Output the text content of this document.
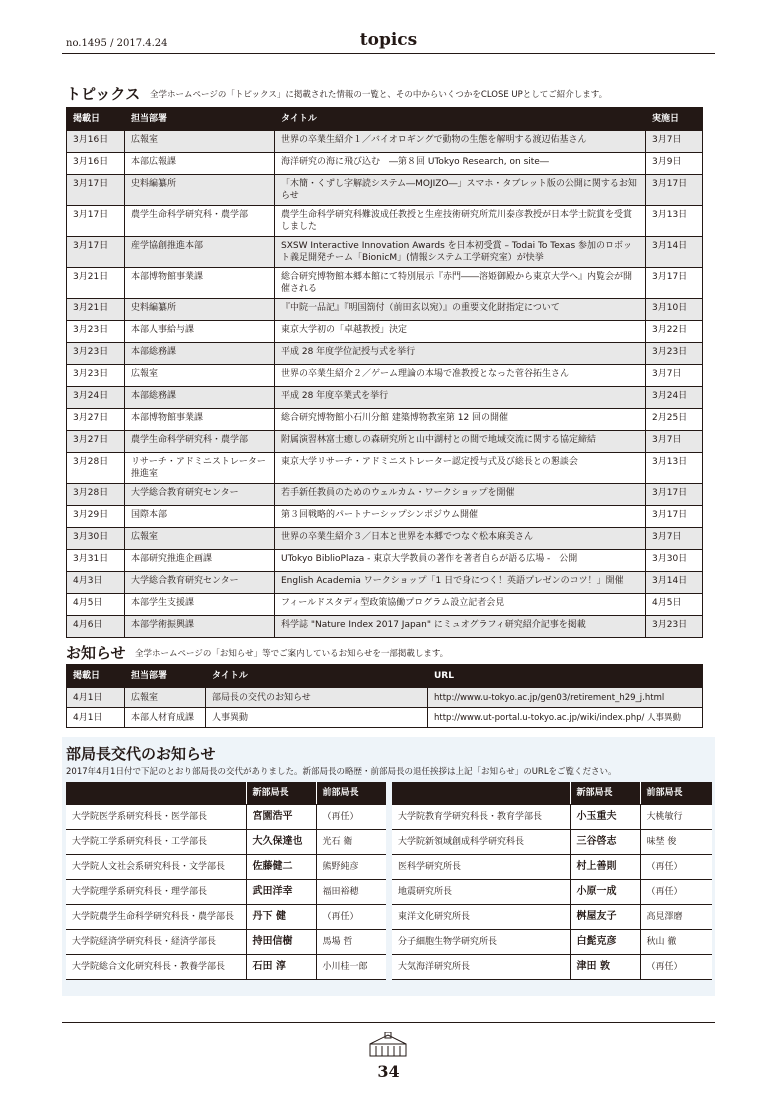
no.1495 / 2017.4.24	topics
トピックス 全学ホームページの「トピックス」に掲載された情報の一覧と、その中からいくつかをCLOSE UPとしてご紹介します。
掲載日	担当部署	タイトル	実施日
3月16日	広報室	世界の卒業生紹介１／バイオロギングで動物の生態を解明する渡辺佑基さん	3月7日
3月16日	本部広報課	海洋研究の海に飛び込む　―第８回 UTokyo Research, on site―	3月9日
3月17日	史料編纂所	「木簡・くずし字解読システム―MOJIZO―」スマホ・タブレット版の公開に関するお知らせ	3月17日
3月17日	農学生命科学研究科・農学部	農学生命科学研究科難波成任教授と生産技術研究所荒川泰彦教授が日本学士院賞を受賞しました	3月13日
3月17日	産学協創推進本部	SXSW Interactive Innovation Awards を日本初受賞 – Todai To Texas 参加のロボット義足開発チーム「BionicM」(情報システム工学研究室）が快挙	3月14日
3月21日	本部博物館事業課	総合研究博物館本郷本館にて特別展示『赤門――溶姫御殿から東京大学へ』内覧会が開催される	3月17日
3月21日	史料編纂所	『中院一品記』『明国箚付（前田玄以宛）』の重要文化財指定について	3月10日
3月23日	本部人事給与課	東京大学初の「卓越教授」決定	3月22日
3月23日	本部総務課	平成 28 年度学位記授与式を挙行	3月23日
3月23日	広報室	世界の卒業生紹介２／ゲーム理論の本場で准教授となった菅谷拓生さん	3月7日
3月24日	本部総務課	平成 28 年度卒業式を挙行	3月24日
3月27日	本部博物館事業課	総合研究博物館小石川分館 建築博物教室第 12 回の開催	2月25日
3月27日	農学生命科学研究科・農学部	附属演習林富士癒しの森研究所と山中湖村との間で地域交流に関する協定締結	3月7日
3月28日	リサーチ・アドミニストレーター推進室	東京大学リサーチ・アドミニストレーター認定授与式及び総長との懇談会	3月13日
3月28日	大学総合教育研究センター	若手新任教員のためのウェルカム・ワークショップを開催	3月17日
3月29日	国際本部	第３回戦略的パートナーシップシンポジウム開催	3月17日
3月30日	広報室	世界の卒業生紹介３／日本と世界を本郷でつなぐ松本麻美さん	3月7日
3月31日	本部研究推進企画課	UTokyo BiblioPlaza - 東京大学教員の著作を著者自らが語る広場 -　公開	3月30日
4月3日	大学総合教育研究センター	English Academia ワークショップ「1 日で身につく！英語プレゼンのコツ！」開催	3月14日
4月5日	本部学生支援課	フィールドスタディ型政策協働プログラム設立記者会見	4月5日
4月6日	本部学術振興課	科学誌 "Nature Index 2017 Japan" にミュオグラフィ研究紹介記事を掲載	3月23日
お知らせ 全学ホームページの「お知らせ」等でご案内しているお知らせを一部掲載します。
掲載日	担当部署	タイトル	URL
4月1日	広報室	部局長の交代のお知らせ	http://www.u-tokyo.ac.jp/gen03/retirement_h29_j.html
4月1日	本部人材育成課	人事異動	http://www.ut-portal.u-tokyo.ac.jp/wiki/index.php/ 人事異動
部局長交代のお知らせ
2017年4月1日付で下記のとおり部局長の交代がありました。新部局長の略歴・前部局長の退任挨拶は上記「お知らせ」のURLをご覧ください。
	新部局長	前部局長
大学院医学系研究科長・医学部長	宮園浩平	（再任）
大学院工学系研究科長・工学部長	大久保達也	光石 衛
大学院人文社会系研究科長・文学部長	佐藤健二	熊野純彦
大学院理学系研究科長・理学部長	武田洋幸	福田裕穂
大学院農学生命科学研究科長・農学部長	丹下 健	（再任）
大学院経済学研究科長・経済学部長	持田信樹	馬場 哲
大学院総合文化研究科長・教養学部長	石田 淳	小川桂一郎
	新部局長	前部局長
大学院教育学研究科長・教育学部長	小玉重夫	大桃敏行
大学院新領域創成科学研究科長	三谷啓志	味埜 俊
医科学研究所長	村上善則	（再任）
地震研究所長	小原一成	（再任）
東洋文化研究所長	桝屋友子	高見澤磨
分子細胞生物学研究所長	白髭克彦	秋山 徹
大気海洋研究所長	津田 敦	（再任）
34
